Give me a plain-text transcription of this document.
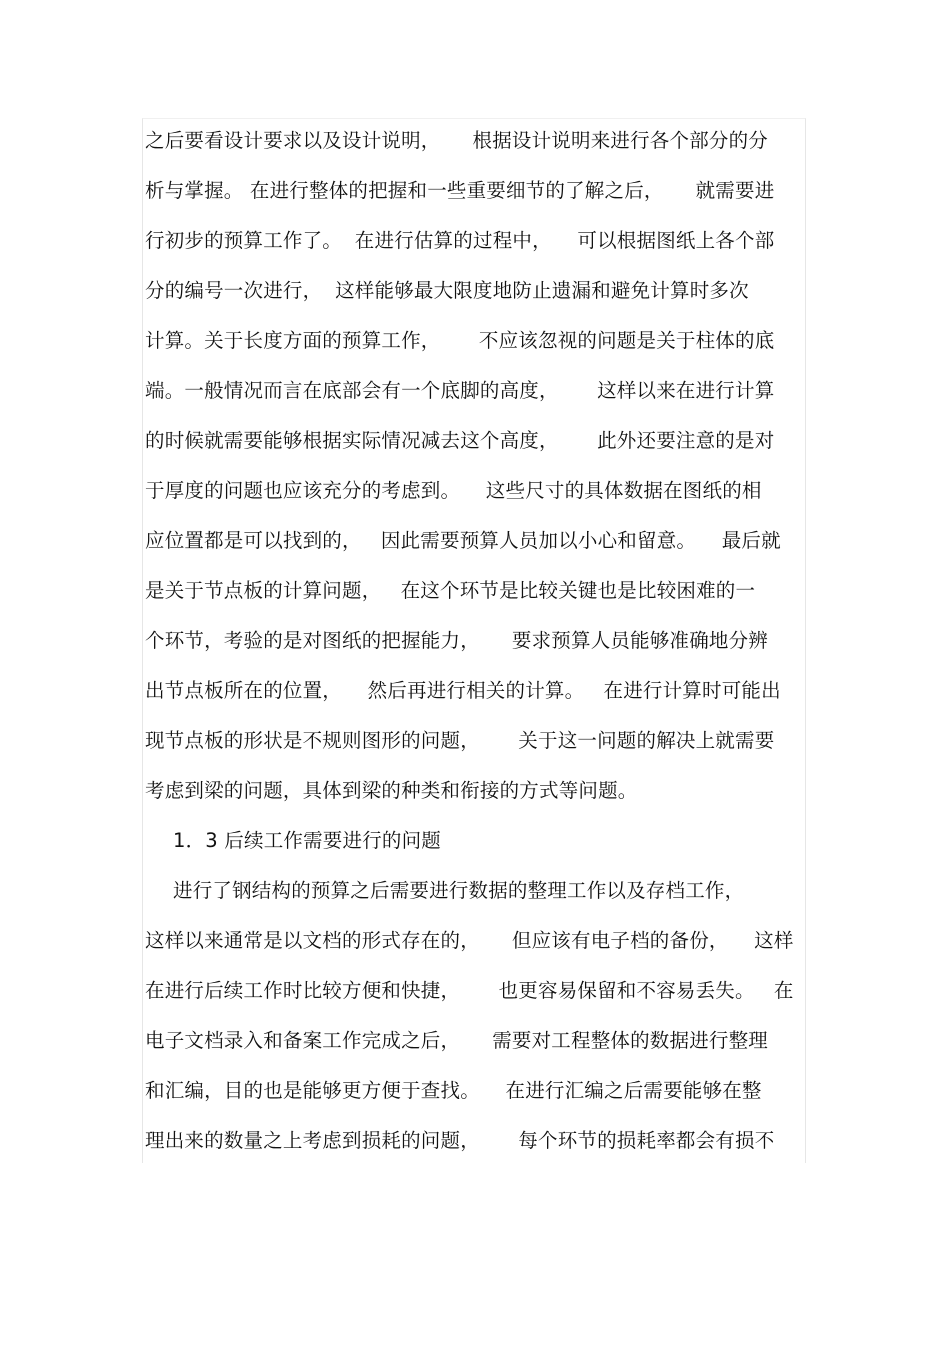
之后要看设计要求以及设计说明，     根据设计说明来进行各个部分的分
析与掌握。 在进行整体的把握和一些重要细节的了解之后，     就需要进
行初步的预算工作了。  在进行估算的过程中，    可以根据图纸上各个部
分的编号一次进行，  这样能够最大限度地防止遗漏和避免计算时多次
计算。关于长度方面的预算工作，      不应该忽视的问题是关于柱体的底
端。一般情况而言在底部会有一个底脚的高度，      这样以来在进行计算
的时候就需要能够根据实际情况减去这个高度，      此外还要注意的是对
于厚度的问题也应该充分的考虑到。    这些尺寸的具体数据在图纸的相
应位置都是可以找到的，   因此需要预算人员加以小心和留意。    最后就
是关于节点板的计算问题，   在这个环节是比较关键也是比较困难的一
个环节，考验的是对图纸的把握能力，     要求预算人员能够准确地分辨
出节点板所在的位置，    然后再进行相关的计算。   在进行计算时可能出
现节点板的形状是不规则图形的问题，      关于这一问题的解决上就需要
考虑到梁的问题，具体到梁的种类和衔接的方式等问题。
1．3 后续工作需要进行的问题
进行了钢结构的预算之后需要进行数据的整理工作以及存档工作，
这样以来通常是以文档的形式存在的，     但应该有电子档的备份，    这样
在进行后续工作时比较方便和快捷，      也更容易保留和不容易丢失。   在
电子文档录入和备案工作完成之后，     需要对工程整体的数据进行整理
和汇编，目的也是能够更方便于查找。    在进行汇编之后需要能够在整
理出来的数量之上考虑到损耗的问题，      每个环节的损耗率都会有损不
